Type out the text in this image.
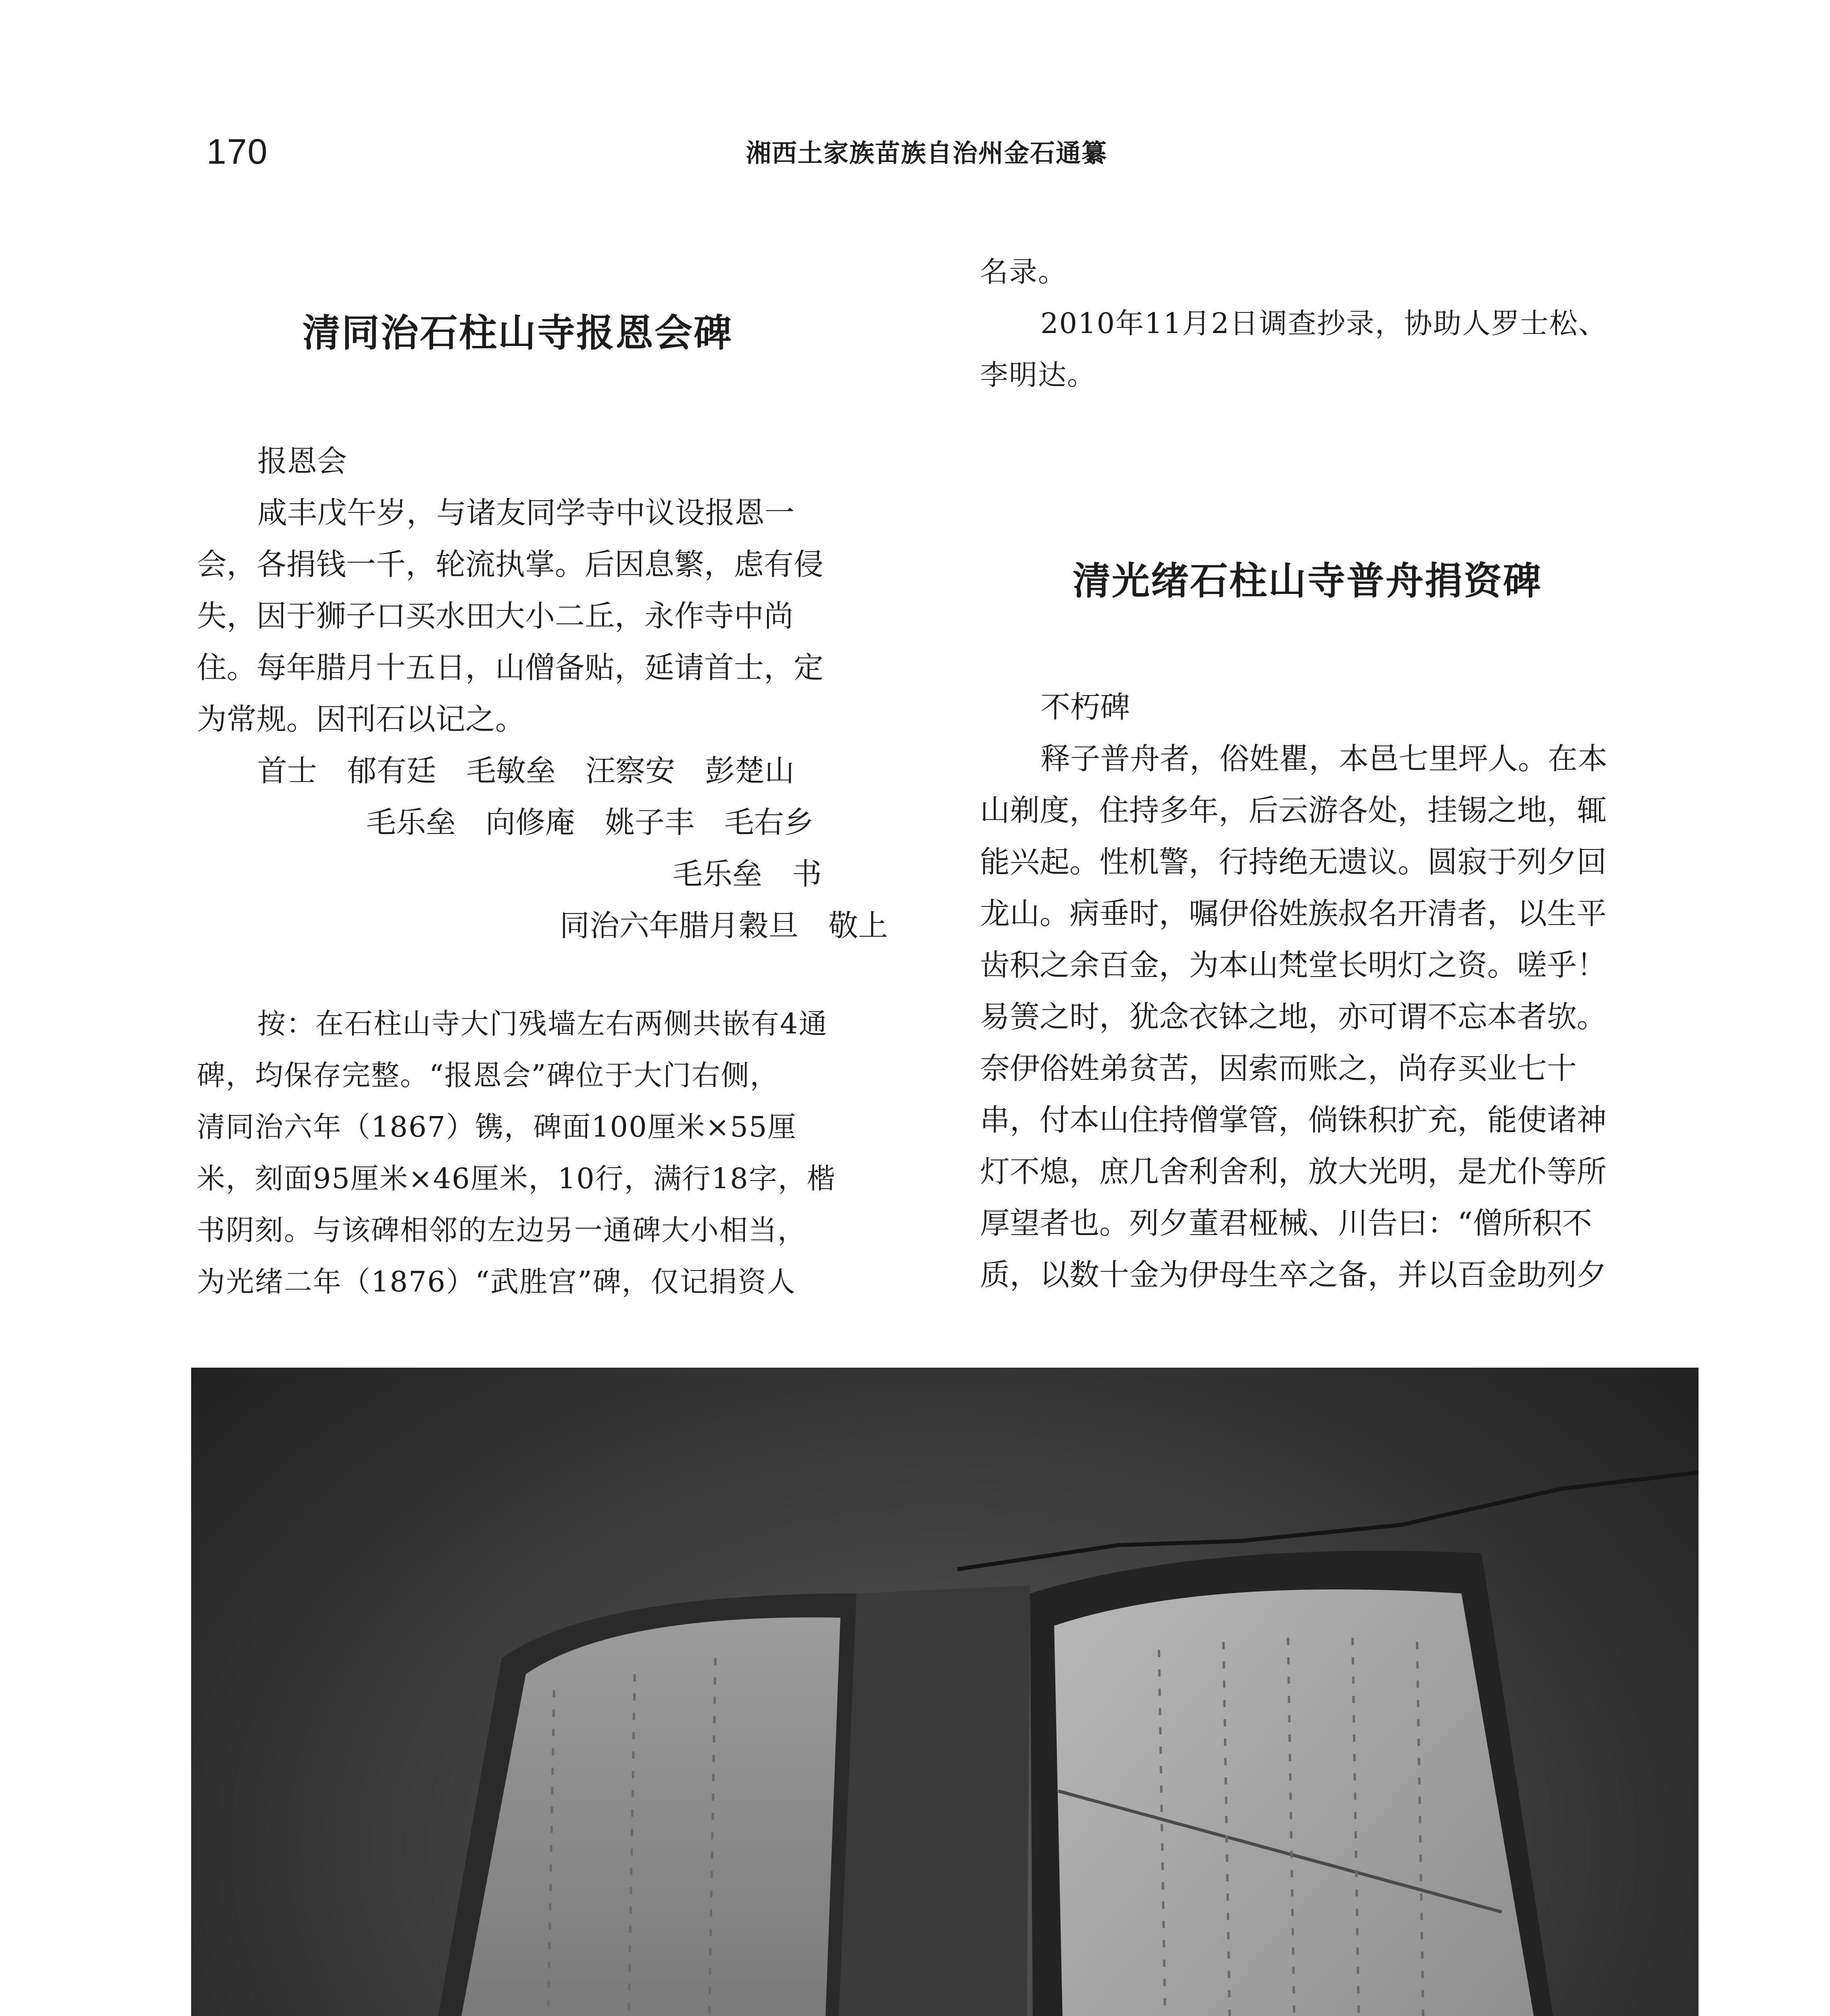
170	湘西土家族苗族自治州金石通纂
清同治石柱山寺报恩会碑

报恩会

咸丰戊午岁，与诸友同学寺中议设报恩一

会，各捐钱一千，轮流执掌。后因息繁，虑有侵

失，因于狮子口买水田大小二丘，永作寺中尚

住。每年腊月十五日，山僧备贴，延请首士，定

为常规。因刊石以记之。

首士　郁有廷　毛敏垒　汪察安　彭楚山

毛乐垒　向修庵　姚子丰　毛右乡

毛乐垒　书

同治六年腊月穀旦　敬上

按：在石柱山寺大门残墙左右两侧共嵌有4通

碑，均保存完整。“报恩会”碑位于大门右侧，

清同治六年（1867）镌，碑面100厘米×55厘

米，刻面95厘米×46厘米，10行，满行18字，楷

书阴刻。与该碑相邻的左边另一通碑大小相当，

为光绪二年（1876）“武胜宫”碑，仅记捐资人

名录。

2010年11月2日调查抄录，协助人罗士松、

李明达。

清光绪石柱山寺普舟捐资碑

不朽碑

释子普舟者，俗姓瞿，本邑七里坪人。在本

山剃度，住持多年，后云游各处，挂锡之地，辄

能兴起。性机警，行持绝无遗议。圆寂于列夕回

龙山。病垂时，嘱伊俗姓族叔名开清者，以生平

齿积之余百金，为本山梵堂长明灯之资。嗟乎！

易箦之时，犹念衣钵之地，亦可谓不忘本者欤。

奈伊俗姓弟贫苦，因索而账之，尚存买业七十

串，付本山住持僧掌管，倘铢积扩充，能使诸神

灯不熄，庶几舍利舍利，放大光明，是尤仆等所

厚望者也。列夕董君桠械、川告曰：“僧所积不

质，以数十金为伊母生卒之备，并以百金助列夕
